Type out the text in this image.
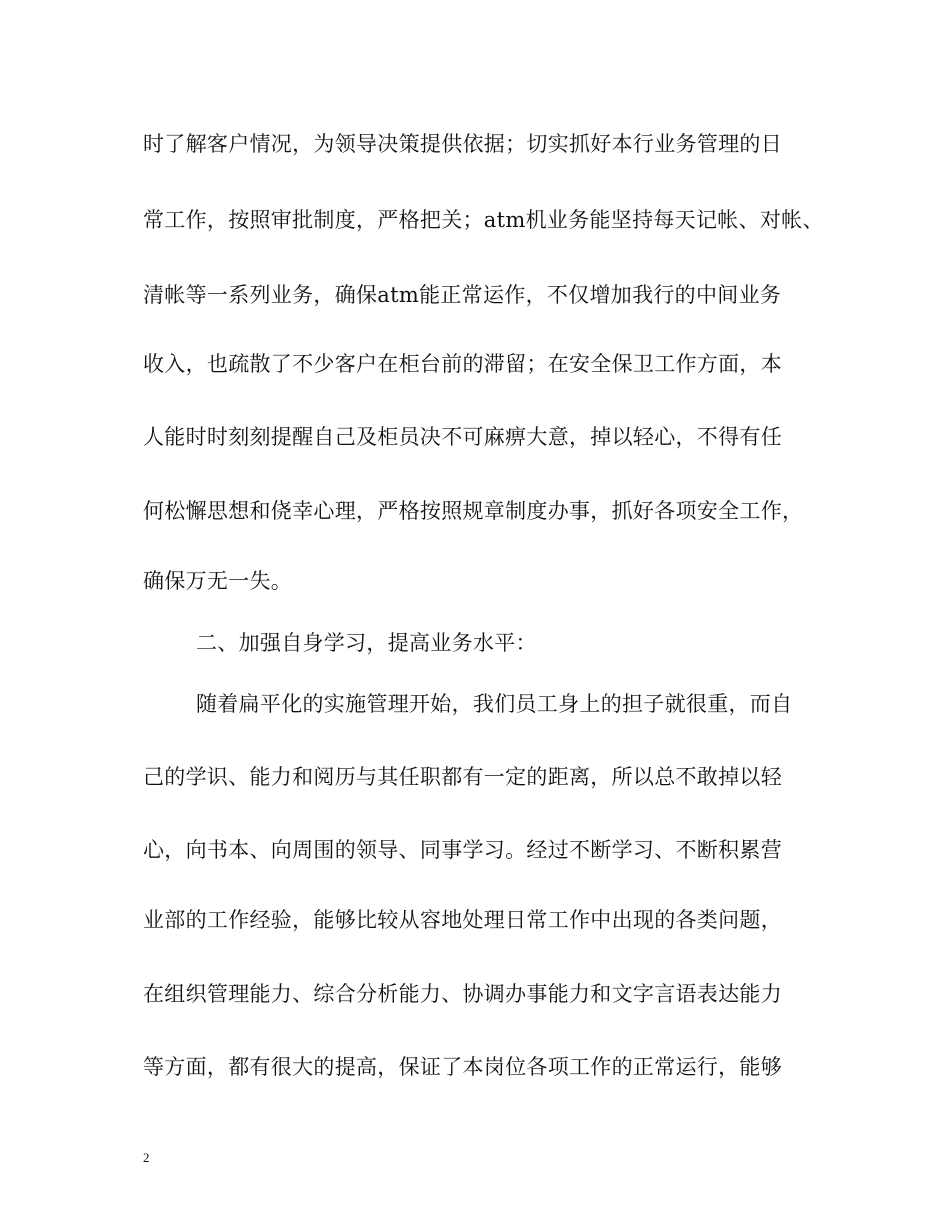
时了解客户情况，为领导决策提供依据；切实抓好本行业务管理的日
常工作，按照审批制度，严格把关；atm机业务能坚持每天记帐、对帐、
清帐等一系列业务，确保atm能正常运作，不仅增加我行的中间业务
收入，也疏散了不少客户在柜台前的滞留；在安全保卫工作方面，本
人能时时刻刻提醒自己及柜员决不可麻痹大意，掉以轻心，不得有任
何松懈思想和侥幸心理，严格按照规章制度办事，抓好各项安全工作，
确保万无一失。
二、加强自身学习，提高业务水平：
随着扁平化的实施管理开始，我们员工身上的担子就很重，而自
己的学识、能力和阅历与其任职都有一定的距离，所以总不敢掉以轻
心，向书本、向周围的领导、同事学习。经过不断学习、不断积累营
业部的工作经验，能够比较从容地处理日常工作中出现的各类问题，
在组织管理能力、综合分析能力、协调办事能力和文字言语表达能力
等方面，都有很大的提高，保证了本岗位各项工作的正常运行，能够
2
